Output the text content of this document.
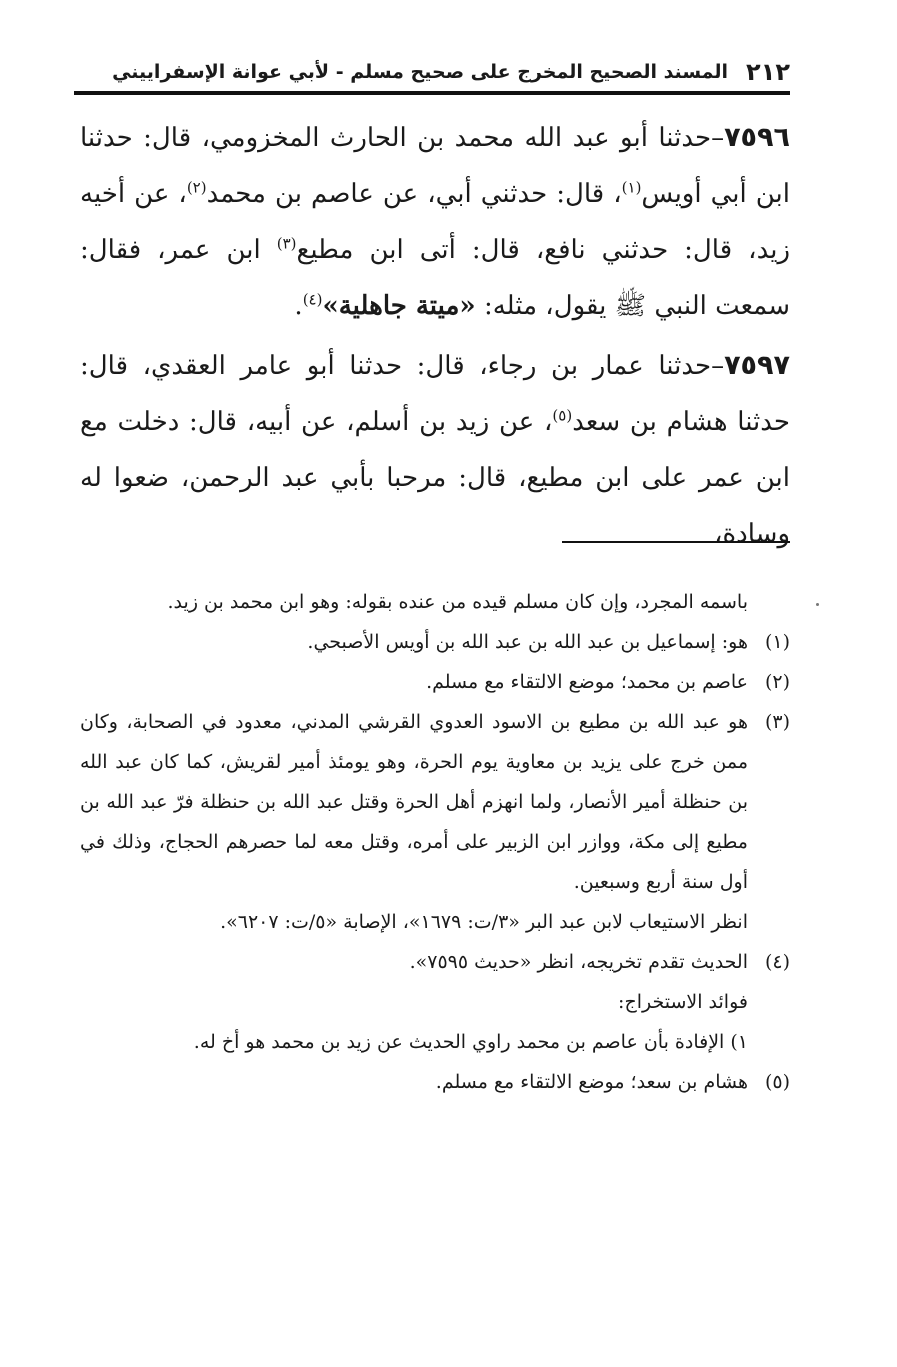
٢١٢
المسند الصحيح المخرج على صحيح مسلم - لأبي عوانة الإسفراييني

٧٥٩٦–حدثنا أبو عبد الله محمد بن الحارث المخزومي، قال: حدثنا ابن أبي أويس$^{(١)}$، قال: حدثني أبي، عن عاصم بن محمد$^{(٢)}$، عن أخيه زيد، قال: حدثني نافع، قال: أتى ابن مطيع$^{(٣)}$ ابن عمر، فقال: سمعت النبي ﷺ يقول، مثله: «ميتة جاهلية»$^{(٤)}$.

٧٥٩٧–حدثنا عمار بن رجاء، قال: حدثنا أبو عامر العقدي، قال: حدثنا هشام بن سعد$^{(٥)}$، عن زيد بن أسلم، عن أبيه، قال: دخلت مع ابن عمر على ابن مطيع، قال: مرحبا بأبي عبد الرحمن، ضعوا له وسادة،

باسمه المجرد، وإن كان مسلم قيده من عنده بقوله: وهو ابن محمد بن زيد.
(١)
هو: إسماعيل بن عبد الله بن عبد الله بن أويس الأصبحي.
(٢)
عاصم بن محمد؛ موضع الالتقاء مع مسلم.
(٣)
هو عبد الله بن مطيع بن الاسود العدوي القرشي المدني، معدود في الصحابة، وكان ممن خرج على يزيد بن معاوية يوم الحرة، وهو يومئذ أمير لقريش، كما كان عبد الله بن حنظلة أمير الأنصار، ولما انهزم أهل الحرة وقتل عبد الله بن حنظلة فرّ عبد الله بن مطيع إلى مكة، ووازر ابن الزبير على أمره، وقتل معه لما حصرهم الحجاج، وذلك في أول سنة أربع وسبعين.
انظر الاستيعاب لابن عبد البر «٣/ت: ١٦٧٩»، الإصابة «٥/ت: ٦٢٠٧».
(٤)
الحديث تقدم تخريجه، انظر «حديث ٧٥٩٥».
فوائد الاستخراج:
١) الإفادة بأن عاصم بن محمد راوي الحديث عن زيد بن محمد هو أخ له.
(٥)
هشام بن سعد؛ موضع الالتقاء مع مسلم.
